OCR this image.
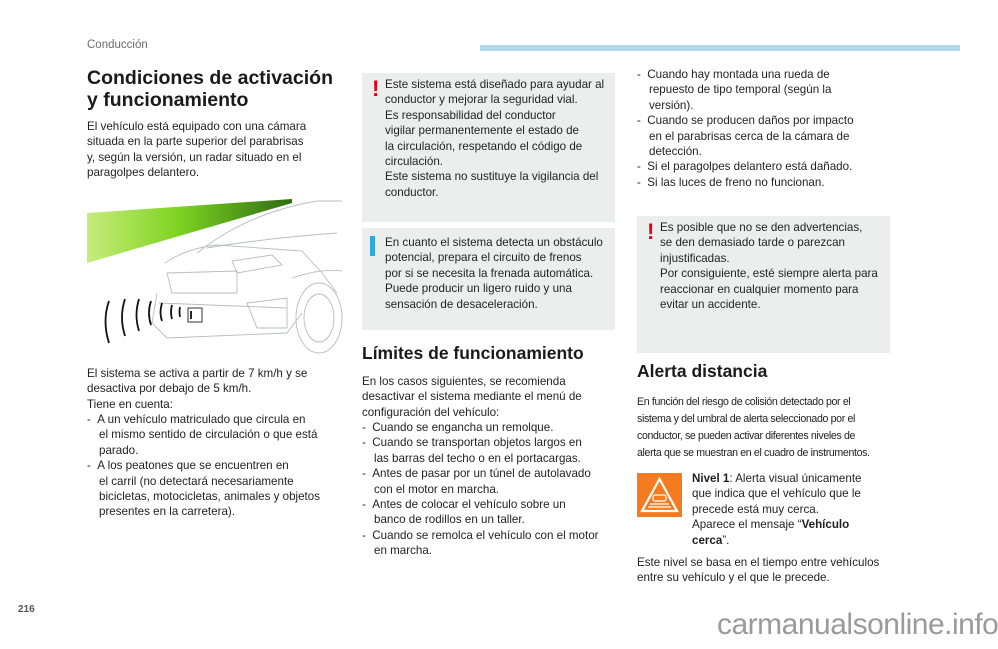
Conducción
Condiciones de activación
y funcionamiento
El vehículo está equipado con una cámara
situada en la parte superior del parabrisas
y, según la versión, un radar situado en el
paragolpes delantero.
El sistema se activa a partir de 7 km/h y se
desactiva por debajo de 5 km/h.
Tiene en cuenta:
-  A un vehículo matriculado que circula en
el mismo sentido de circulación o que está
parado.
-  A los peatones que se encuentren en
el carril (no detectará necesariamente
bicicletas, motocicletas, animales y objetos
presentes en la carretera).
! Este sistema está diseñado para ayudar al
conductor y mejorar la seguridad vial.
Es responsabilidad del conductor
vigilar permanentemente el estado de
la circulación, respetando el código de
circulación.
Este sistema no sustituye la vigilancia del
conductor.
En cuanto el sistema detecta un obstáculo
potencial, prepara el circuito de frenos
por si se necesita la frenada automática.
Puede producir un ligero ruido y una
sensación de desaceleración.
Límites de funcionamiento
En los casos siguientes, se recomienda
desactivar el sistema mediante el menú de
configuración del vehículo:
-  Cuando se engancha un remolque.
-  Cuando se transportan objetos largos en
las barras del techo o en el portacargas.
-  Antes de pasar por un túnel de autolavado
con el motor en marcha.
-  Antes de colocar el vehículo sobre un
banco de rodillos en un taller.
-  Cuando se remolca el vehículo con el motor
en marcha.
-  Cuando hay montada una rueda de
repuesto de tipo temporal (según la
versión).
-  Cuando se producen daños por impacto
en el parabrisas cerca de la cámara de
detección.
-  Si el paragolpes delantero está dañado.
-  Si las luces de freno no funcionan.
! Es posible que no se den advertencias,
se den demasiado tarde o parezcan
injustificadas.
Por consiguiente, esté siempre alerta para
reaccionar en cualquier momento para
evitar un accidente.
Alerta distancia
En función del riesgo de colisión detectado por el
sistema y del umbral de alerta seleccionado por el
conductor, se pueden activar diferentes niveles de
alerta que se muestran en el cuadro de instrumentos.
Nivel 1: Alerta visual únicamente
que indica que el vehículo que le
precede está muy cerca.
Aparece el mensaje “Vehículo
cerca”.
Este nivel se basa en el tiempo entre vehículos
entre su vehículo y el que le precede.
216	carmanualsonline.info
